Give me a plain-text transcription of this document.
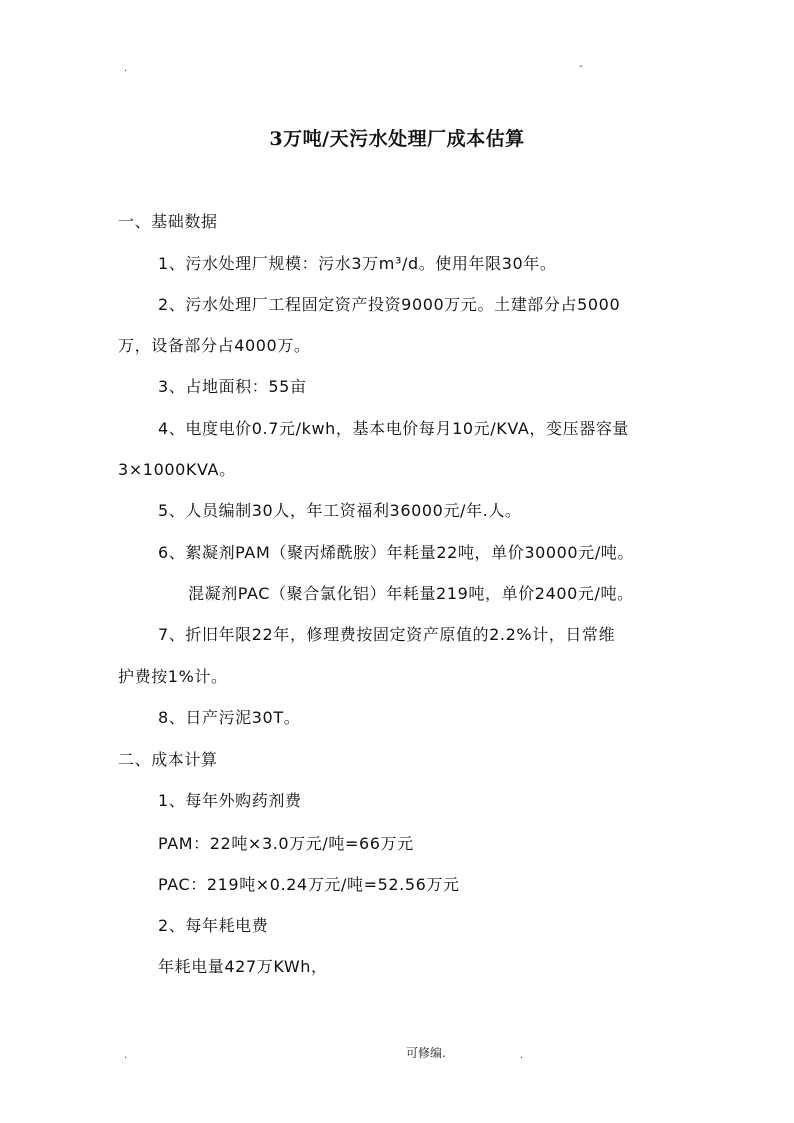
.	-
3万吨/天污水处理厂成本估算
一、基础数据
1、污水处理厂规模：污水3万m³/d。使用年限30年。
2、污水处理厂工程固定资产投资9000万元。土建部分占5000
万，设备部分占4000万。
3、占地面积：55亩
4、电度电价0.7元/kwh，基本电价每月10元/KVA，变压器容量
3×1000KVA。
5、人员编制30人，年工资福利36000元/年.人。
6、絮凝剂PAM（聚丙烯酰胺）年耗量22吨，单价30000元/吨。
混凝剂PAC（聚合氯化铝）年耗量219吨，单价2400元/吨。
7、折旧年限22年，修理费按固定资产原值的2.2%计，日常维
护费按1%计。
8、日产污泥30T。
二、成本计算
1、每年外购药剂费
PAM：22吨×3.0万元/吨=66万元
PAC：219吨×0.24万元/吨=52.56万元
2、每年耗电费
年耗电量427万KWh，
.	可修编.	.
